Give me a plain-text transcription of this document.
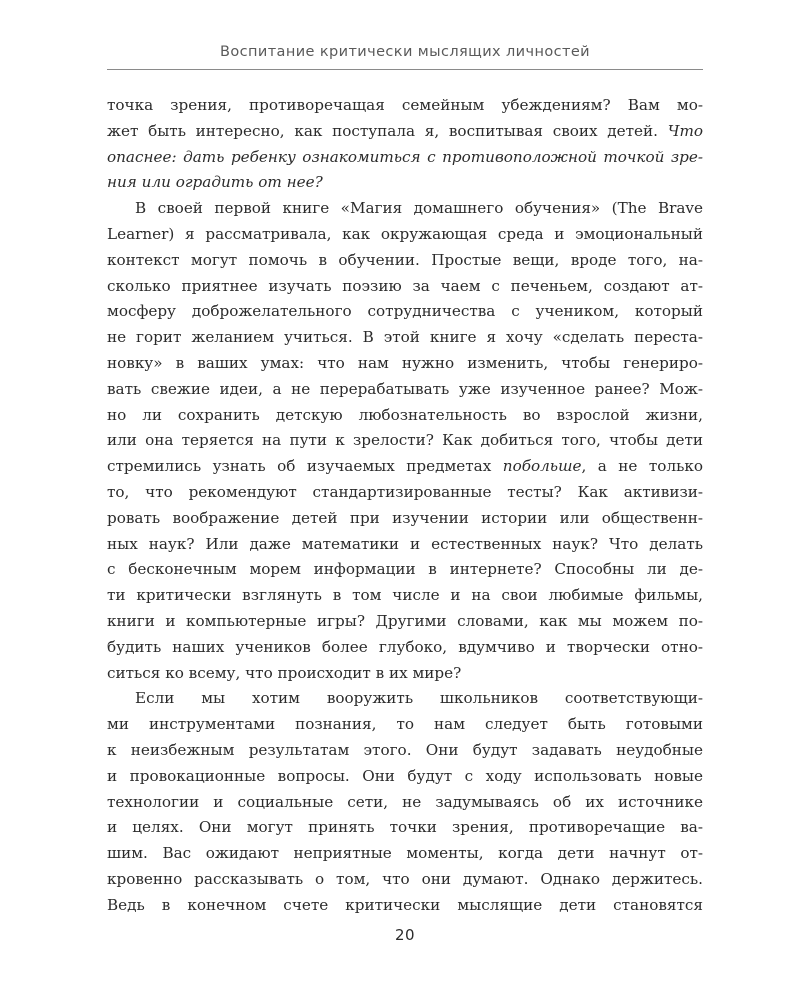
Воспитание критически мыслящих личностей
точка зрения, противоречащая семейным убеждениям? Вам мо-
жет быть интересно, как поступала я, воспитывая своих детей. Что
опаснее: дать ребенку ознакомиться с противоположной точкой зре-
ния или оградить от нее?
В своей первой книге «Магия домашнего обучения» (The Brave
Learner) я рассматривала, как окружающая среда и эмоциональный
контекст могут помочь в обучении. Простые вещи, вроде того, на-
сколько приятнее изучать поэзию за чаем с печеньем, создают ат-
мосферу доброжелательного сотрудничества с учеником, который
не горит желанием учиться. В этой книге я хочу «сделать переста-
новку» в ваших умах: что нам нужно изменить, чтобы генериро-
вать свежие идеи, а не перерабатывать уже изученное ранее? Мож-
но ли сохранить детскую любознательность во взрослой жизни,
или она теряется на пути к зрелости? Как добиться того, чтобы дети
стремились узнать об изучаемых предметах побольше, а не только
то, что рекомендуют стандартизированные тесты? Как активизи-
ровать воображение детей при изучении истории или общественн-
ных наук? Или даже математики и естественных наук? Что делать
с бесконечным морем информации в интернете? Способны ли де-
ти критически взглянуть в том числе и на свои любимые фильмы,
книги и компьютерные игры? Другими словами, как мы можем по-
будить наших учеников более глубоко, вдумчиво и творчески отно-
ситься ко всему, что происходит в их мире?
Если мы хотим вооружить школьников соответствующи-
ми инструментами познания, то нам следует быть готовыми
к неизбежным результатам этого. Они будут задавать неудобные
и провокационные вопросы. Они будут с ходу использовать новые
технологии и социальные сети, не задумываясь об их источнике
и целях. Они могут принять точки зрения, противоречащие ва-
шим. Вас ожидают неприятные моменты, когда дети начнут от-
кровенно рассказывать о том, что они думают. Однако держитесь.
Ведь в конечном счете критически мыслящие дети становятся
20
